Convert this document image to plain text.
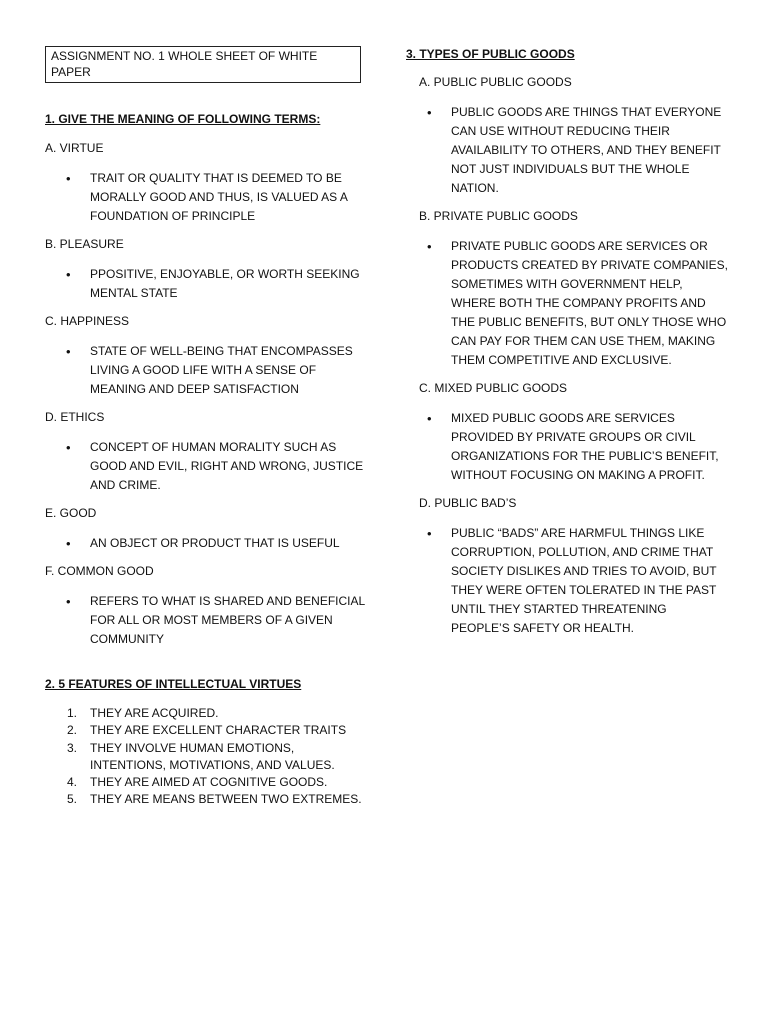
ASSIGNMENT NO. 1 WHOLE SHEET OF WHITE PAPER
1. GIVE THE MEANING OF FOLLOWING TERMS:
A. VIRTUE
• TRAIT OR QUALITY THAT IS DEEMED TO BE MORALLY GOOD AND THUS, IS VALUED AS A FOUNDATION OF PRINCIPLE
B. PLEASURE
• PPOSITIVE, ENJOYABLE, OR WORTH SEEKING MENTAL STATE
C. HAPPINESS
• STATE OF WELL-BEING THAT ENCOMPASSES LIVING A GOOD LIFE WITH A SENSE OF MEANING AND DEEP SATISFACTION
D. ETHICS
• CONCEPT OF HUMAN MORALITY SUCH AS GOOD AND EVIL, RIGHT AND WRONG, JUSTICE AND CRIME.
E. GOOD
• AN OBJECT OR PRODUCT THAT IS USEFUL
F. COMMON GOOD
• REFERS TO WHAT IS SHARED AND BENEFICIAL FOR ALL OR MOST MEMBERS OF A GIVEN COMMUNITY
2. 5 FEATURES OF INTELLECTUAL VIRTUES
1. THEY ARE ACQUIRED.
2. THEY ARE EXCELLENT CHARACTER TRAITS
3. THEY INVOLVE HUMAN EMOTIONS, INTENTIONS, MOTIVATIONS, AND VALUES.
4. THEY ARE AIMED AT COGNITIVE GOODS.
5. THEY ARE MEANS BETWEEN TWO EXTREMES.
3. TYPES OF PUBLIC GOODS
A. PUBLIC PUBLIC GOODS
• PUBLIC GOODS ARE THINGS THAT EVERYONE CAN USE WITHOUT REDUCING THEIR AVAILABILITY TO OTHERS, AND THEY BENEFIT NOT JUST INDIVIDUALS BUT THE WHOLE NATION.
B. PRIVATE PUBLIC GOODS
• PRIVATE PUBLIC GOODS ARE SERVICES OR PRODUCTS CREATED BY PRIVATE COMPANIES, SOMETIMES WITH GOVERNMENT HELP, WHERE BOTH THE COMPANY PROFITS AND THE PUBLIC BENEFITS, BUT ONLY THOSE WHO CAN PAY FOR THEM CAN USE THEM, MAKING THEM COMPETITIVE AND EXCLUSIVE.
C. MIXED PUBLIC GOODS
• MIXED PUBLIC GOODS ARE SERVICES PROVIDED BY PRIVATE GROUPS OR CIVIL ORGANIZATIONS FOR THE PUBLIC’S BENEFIT, WITHOUT FOCUSING ON MAKING A PROFIT.
D. PUBLIC BAD’S
• PUBLIC “BADS” ARE HARMFUL THINGS LIKE CORRUPTION, POLLUTION, AND CRIME THAT SOCIETY DISLIKES AND TRIES TO AVOID, BUT THEY WERE OFTEN TOLERATED IN THE PAST UNTIL THEY STARTED THREATENING PEOPLE’S SAFETY OR HEALTH.
